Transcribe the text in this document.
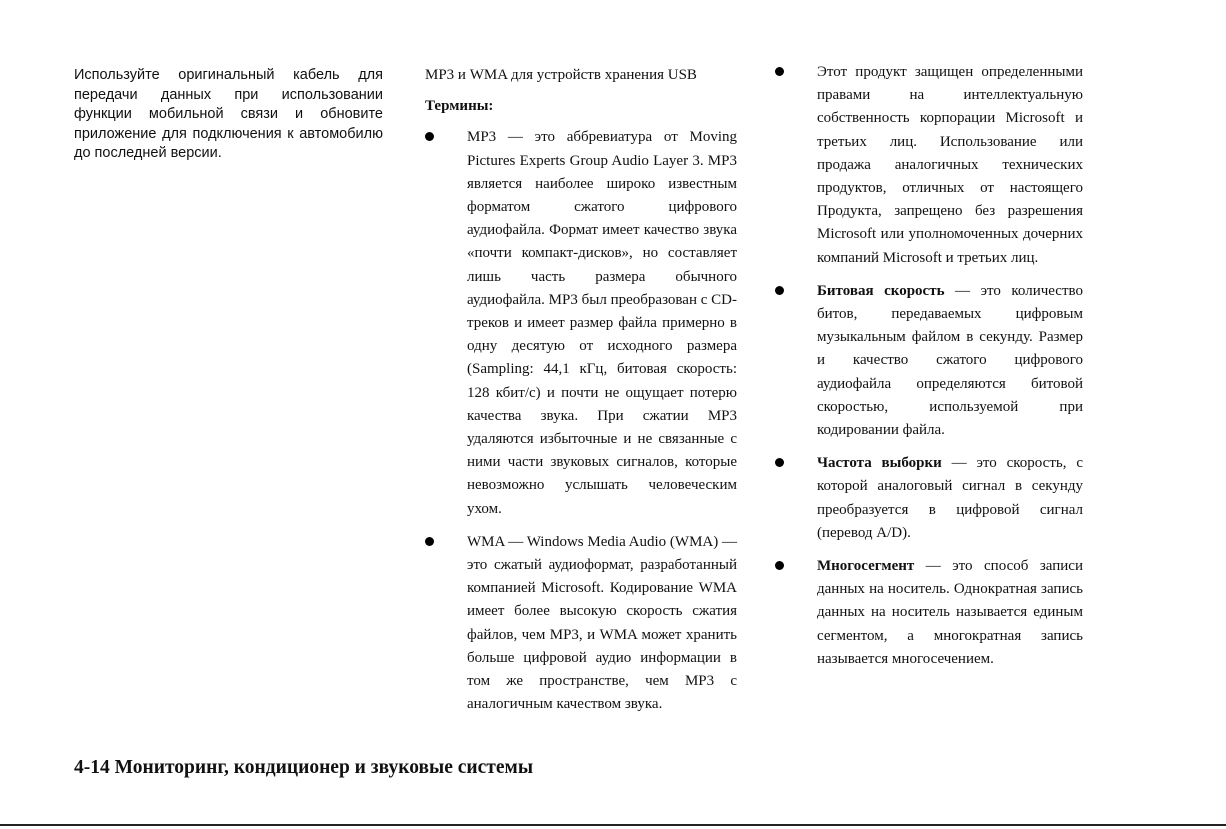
Используйте оригинальный кабель для передачи данных при использовании функции мобильной связи и обновите приложение для подключения к автомобилю до последней версии.

MP3 и WMA для устройств хранения USB

Термины:

MP3 — это аббревиатура от Moving Pictures Experts Group Audio Layer 3. MP3 является наиболее широко известным форматом сжатого цифрового аудиофайла. Формат имеет качество звука «почти компакт-дисков», но составляет лишь часть размера обычного аудиофайла. MP3 был преобразован с CD-треков и имеет размер файла примерно в одну десятую от исходного размера (Sampling: 44,1 кГц, битовая скорость: 128 кбит/с) и почти не ощущает потерю качества звука. При сжатии MP3 удаляются избыточные и не связанные с ними части звуковых сигналов, которые невозможно услышать человеческим ухом.
WMA — Windows Media Audio (WMA) — это сжатый аудиоформат, разработанный компанией Microsoft. Кодирование WMA имеет более высокую скорость сжатия файлов, чем MP3, и WMA может хранить больше цифровой аудио информации в том же пространстве, чем MP3 с аналогичным качеством звука.
Этот продукт защищен определенными правами на интеллектуальную собственность корпорации Microsoft и третьих лиц. Использование или продажа аналогичных технических продуктов, отличных от настоящего Продукта, запрещено без разрешения Microsoft или уполномоченных дочерних компаний Microsoft и третьих лиц.
Битовая скорость — это количество битов, передаваемых цифровым музыкальным файлом в секунду. Размер и качество сжатого цифрового аудиофайла определяются битовой скоростью, используемой при кодировании файла.
Частота выборки — это скорость, с которой аналоговый сигнал в секунду преобразуется в цифровой сигнал (перевод A/D).
Многосегмент — это способ записи данных на носитель. Однократная запись данных на носитель называется единым сегментом, а многократная запись называется многосечением.
4-14 Мониторинг, кондиционер и звуковые системы
